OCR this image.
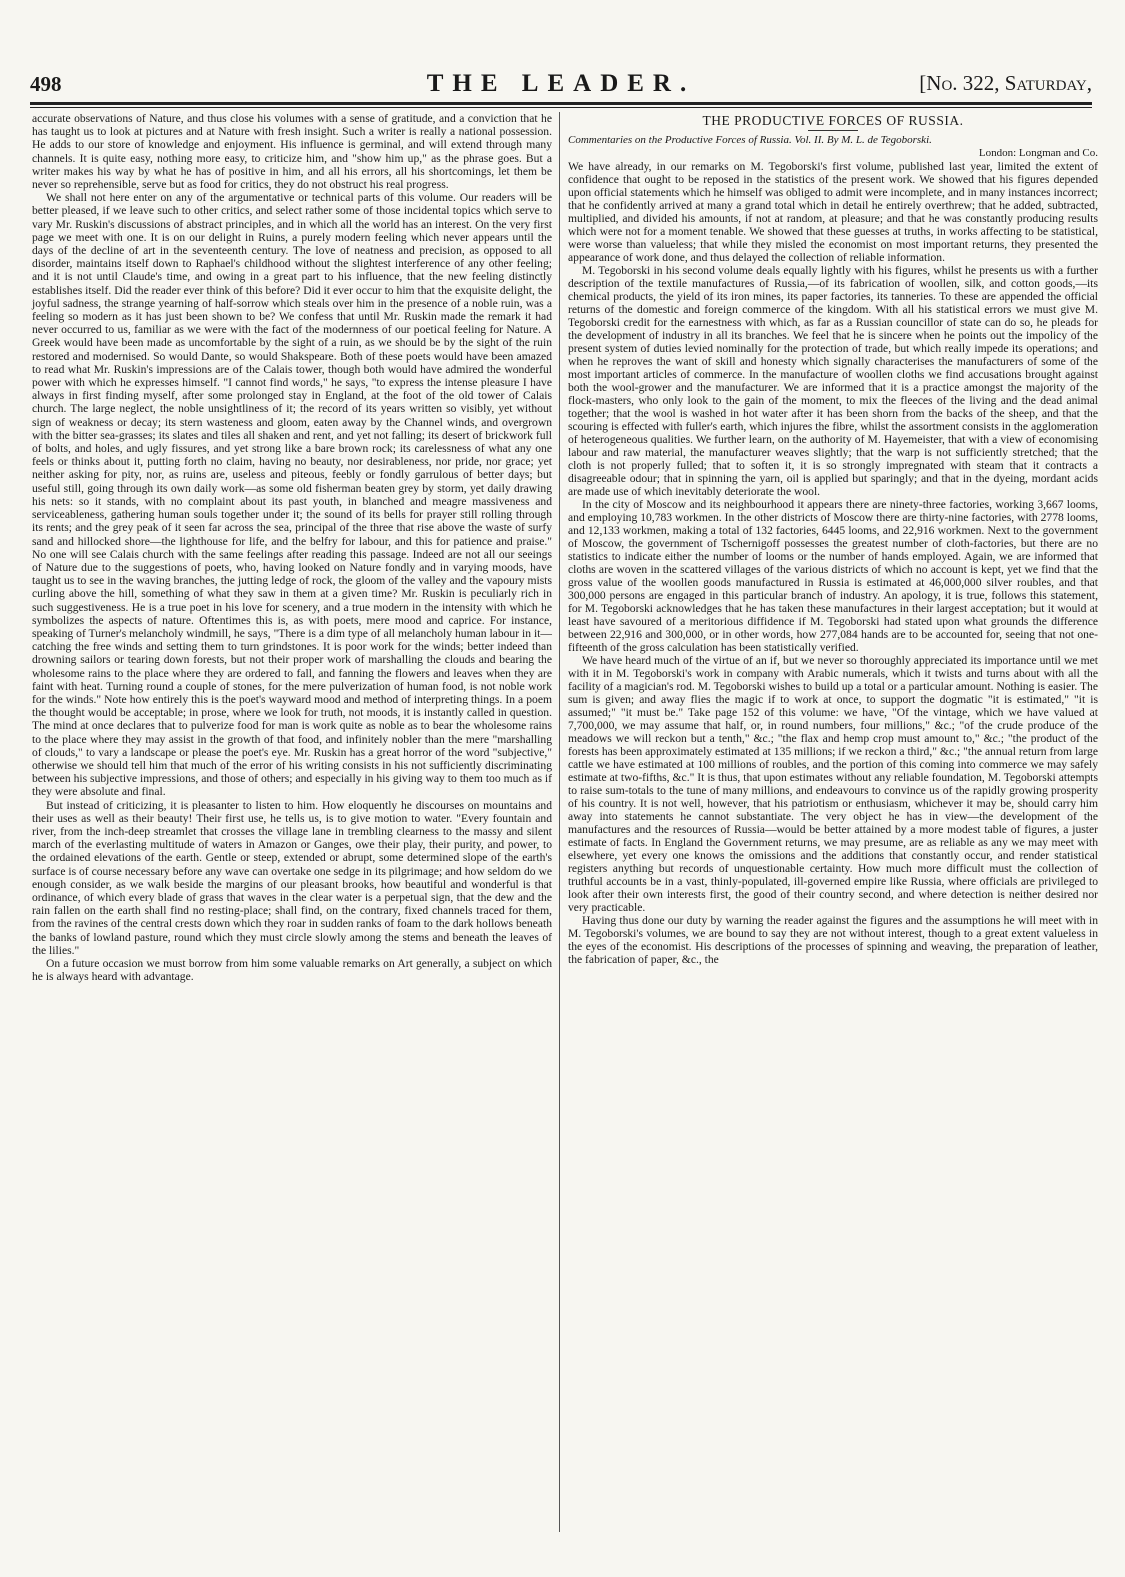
498	THE LEADER.	[No. 322, Saturday,

accurate observations of Nature, and thus close his volumes with a sense of gratitude, and a conviction that he has taught us to look at pictures and at Nature with fresh insight. Such a writer is really a national possession. He adds to our store of knowledge and enjoyment. His influence is germinal, and will extend through many channels. It is quite easy, nothing more easy, to criticize him, and "show him up," as the phrase goes. But a writer makes his way by what he has of positive in him, and all his errors, all his shortcomings, let them be never so reprehensible, serve but as food for critics, they do not obstruct his real progress.

We shall not here enter on any of the argumentative or technical parts of this volume. Our readers will be better pleased, if we leave such to other critics, and select rather some of those incidental topics which serve to vary Mr. Ruskin's discussions of abstract principles, and in which all the world has an interest. On the very first page we meet with one. It is on our delight in Ruins, a purely modern feeling which never appears until the days of the decline of art in the seventeenth century. The love of neatness and precision, as opposed to all disorder, maintains itself down to Raphael's childhood without the slightest interference of any other feeling; and it is not until Claude's time, and owing in a great part to his influence, that the new feeling distinctly establishes itself. Did the reader ever think of this before? Did it ever occur to him that the exquisite delight, the joyful sadness, the strange yearning of half-sorrow which steals over him in the presence of a noble ruin, was a feeling so modern as it has just been shown to be? We confess that until Mr. Ruskin made the remark it had never occurred to us, familiar as we were with the fact of the modernness of our poetical feeling for Nature. A Greek would have been made as uncomfortable by the sight of a ruin, as we should be by the sight of the ruin restored and modernised. So would Dante, so would Shakspeare. Both of these poets would have been amazed to read what Mr. Ruskin's impressions are of the Calais tower, though both would have admired the wonderful power with which he expresses himself. "I cannot find words," he says, "to express the intense pleasure I have always in first finding myself, after some prolonged stay in England, at the foot of the old tower of Calais church. The large neglect, the noble unsightliness of it; the record of its years written so visibly, yet without sign of weakness or decay; its stern wasteness and gloom, eaten away by the Channel winds, and overgrown with the bitter sea-grasses; its slates and tiles all shaken and rent, and yet not falling; its desert of brickwork full of bolts, and holes, and ugly fissures, and yet strong like a bare brown rock; its carelessness of what any one feels or thinks about it, putting forth no claim, having no beauty, nor desirableness, nor pride, nor grace; yet neither asking for pity, nor, as ruins are, useless and piteous, feebly or fondly garrulous of better days; but useful still, going through its own daily work—as some old fisherman beaten grey by storm, yet daily drawing his nets: so it stands, with no complaint about its past youth, in blanched and meagre massiveness and serviceableness, gathering human souls together under it; the sound of its bells for prayer still rolling through its rents; and the grey peak of it seen far across the sea, principal of the three that rise above the waste of surfy sand and hillocked shore—the lighthouse for life, and the belfry for labour, and this for patience and praise." No one will see Calais church with the same feelings after reading this passage. Indeed are not all our seeings of Nature due to the suggestions of poets, who, having looked on Nature fondly and in varying moods, have taught us to see in the waving branches, the jutting ledge of rock, the gloom of the valley and the vapoury mists curling above the hill, something of what they saw in them at a given time? Mr. Ruskin is peculiarly rich in such suggestiveness. He is a true poet in his love for scenery, and a true modern in the intensity with which he symbolizes the aspects of nature. Oftentimes this is, as with poets, mere mood and caprice. For instance, speaking of Turner's melancholy windmill, he says, "There is a dim type of all melancholy human labour in it—catching the free winds and setting them to turn grindstones. It is poor work for the winds; better indeed than drowning sailors or tearing down forests, but not their proper work of marshalling the clouds and bearing the wholesome rains to the place where they are ordered to fall, and fanning the flowers and leaves when they are faint with heat. Turning round a couple of stones, for the mere pulverization of human food, is not noble work for the winds." Note how entirely this is the poet's wayward mood and method of interpreting things. In a poem the thought would be acceptable; in prose, where we look for truth, not moods, it is instantly called in question. The mind at once declares that to pulverize food for man is work quite as noble as to bear the wholesome rains to the place where they may assist in the growth of that food, and infinitely nobler than the mere "marshalling of clouds," to vary a landscape or please the poet's eye. Mr. Ruskin has a great horror of the word "subjective," otherwise we should tell him that much of the error of his writing consists in his not sufficiently discriminating between his subjective impressions, and those of others; and especially in his giving way to them too much as if they were absolute and final.

But instead of criticizing, it is pleasanter to listen to him. How eloquently he discourses on mountains and their uses as well as their beauty! Their first use, he tells us, is to give motion to water. "Every fountain and river, from the inch-deep streamlet that crosses the village lane in trembling clearness to the massy and silent march of the everlasting multitude of waters in Amazon or Ganges, owe their play, their purity, and power, to the ordained elevations of the earth. Gentle or steep, extended or abrupt, some determined slope of the earth's surface is of course necessary before any wave can overtake one sedge in its pilgrimage; and how seldom do we enough consider, as we walk beside the margins of our pleasant brooks, how beautiful and wonderful is that ordinance, of which every blade of grass that waves in the clear water is a perpetual sign, that the dew and the rain fallen on the earth shall find no resting-place; shall find, on the contrary, fixed channels traced for them, from the ravines of the central crests down which they roar in sudden ranks of foam to the dark hollows beneath the banks of lowland pasture, round which they must circle slowly among the stems and beneath the leaves of the lilies."

On a future occasion we must borrow from him some valuable remarks on Art generally, a subject on which he is always heard with advantage.

THE PRODUCTIVE FORCES OF RUSSIA.

Commentaries on the Productive Forces of Russia. Vol. II. By M. L. de Tegoborski.

London: Longman and Co.

We have already, in our remarks on M. Tegoborski's first volume, published last year, limited the extent of confidence that ought to be reposed in the statistics of the present work. We showed that his figures depended upon official statements which he himself was obliged to admit were incomplete, and in many instances incorrect; that he confidently arrived at many a grand total which in detail he entirely overthrew; that he added, subtracted, multiplied, and divided his amounts, if not at random, at pleasure; and that he was constantly producing results which were not for a moment tenable. We showed that these guesses at truths, in works affecting to be statistical, were worse than valueless; that while they misled the economist on most important returns, they presented the appearance of work done, and thus delayed the collection of reliable information.

M. Tegoborski in his second volume deals equally lightly with his figures, whilst he presents us with a further description of the textile manufactures of Russia,—of its fabrication of woollen, silk, and cotton goods,—its chemical products, the yield of its iron mines, its paper factories, its tanneries. To these are appended the official returns of the domestic and foreign commerce of the kingdom. With all his statistical errors we must give M. Tegoborski credit for the earnestness with which, as far as a Russian councillor of state can do so, he pleads for the development of industry in all its branches. We feel that he is sincere when he points out the impolicy of the present system of duties levied nominally for the protection of trade, but which really impede its operations; and when he reproves the want of skill and honesty which signally characterises the manufacturers of some of the most important articles of commerce. In the manufacture of woollen cloths we find accusations brought against both the wool-grower and the manufacturer. We are informed that it is a practice amongst the majority of the flock-masters, who only look to the gain of the moment, to mix the fleeces of the living and the dead animal together; that the wool is washed in hot water after it has been shorn from the backs of the sheep, and that the scouring is effected with fuller's earth, which injures the fibre, whilst the assortment consists in the agglomeration of heterogeneous qualities. We further learn, on the authority of M. Hayemeister, that with a view of economising labour and raw material, the manufacturer weaves slightly; that the warp is not sufficiently stretched; that the cloth is not properly fulled; that to soften it, it is so strongly impregnated with steam that it contracts a disagreeable odour; that in spinning the yarn, oil is applied but sparingly; and that in the dyeing, mordant acids are made use of which inevitably deteriorate the wool.

In the city of Moscow and its neighbourhood it appears there are ninety-three factories, working 3,667 looms, and employing 10,783 workmen. In the other districts of Moscow there are thirty-nine factories, with 2778 looms, and 12,133 workmen, making a total of 132 factories, 6445 looms, and 22,916 workmen. Next to the government of Moscow, the government of Tschernigoff possesses the greatest number of cloth-factories, but there are no statistics to indicate either the number of looms or the number of hands employed. Again, we are informed that cloths are woven in the scattered villages of the various districts of which no account is kept, yet we find that the gross value of the woollen goods manufactured in Russia is estimated at 46,000,000 silver roubles, and that 300,000 persons are engaged in this particular branch of industry. An apology, it is true, follows this statement, for M. Tegoborski acknowledges that he has taken these manufactures in their largest acceptation; but it would at least have savoured of a meritorious diffidence if M. Tegoborski had stated upon what grounds the difference between 22,916 and 300,000, or in other words, how 277,084 hands are to be accounted for, seeing that not one-fifteenth of the gross calculation has been statistically verified.

We have heard much of the virtue of an if, but we never so thoroughly appreciated its importance until we met with it in M. Tegoborski's work in company with Arabic numerals, which it twists and turns about with all the facility of a magician's rod. M. Tegoborski wishes to build up a total or a particular amount. Nothing is easier. The sum is given; and away flies the magic if to work at once, to support the dogmatic "it is estimated," "it is assumed;" "it must be." Take page 152 of this volume: we have, "Of the vintage, which we have valued at 7,700,000, we may assume that half, or, in round numbers, four millions," &c.; "of the crude produce of the meadows we will reckon but a tenth," &c.; "the flax and hemp crop must amount to," &c.; "the product of the forests has been approximately estimated at 135 millions; if we reckon a third," &c.; "the annual return from large cattle we have estimated at 100 millions of roubles, and the portion of this coming into commerce we may safely estimate at two-fifths, &c." It is thus, that upon estimates without any reliable foundation, M. Tegoborski attempts to raise sum-totals to the tune of many millions, and endeavours to convince us of the rapidly growing prosperity of his country. It is not well, however, that his patriotism or enthusiasm, whichever it may be, should carry him away into statements he cannot substantiate. The very object he has in view—the development of the manufactures and the resources of Russia—would be better attained by a more modest table of figures, a juster estimate of facts. In England the Government returns, we may presume, are as reliable as any we may meet with elsewhere, yet every one knows the omissions and the additions that constantly occur, and render statistical registers anything but records of unquestionable certainty. How much more difficult must the collection of truthful accounts be in a vast, thinly-populated, ill-governed empire like Russia, where officials are privileged to look after their own interests first, the good of their country second, and where detection is neither desired nor very practicable.

Having thus done our duty by warning the reader against the figures and the assumptions he will meet with in M. Tegoborski's volumes, we are bound to say they are not without interest, though to a great extent valueless in the eyes of the economist. His descriptions of the processes of spinning and weaving, the preparation of leather, the fabrication of paper, &c., the
